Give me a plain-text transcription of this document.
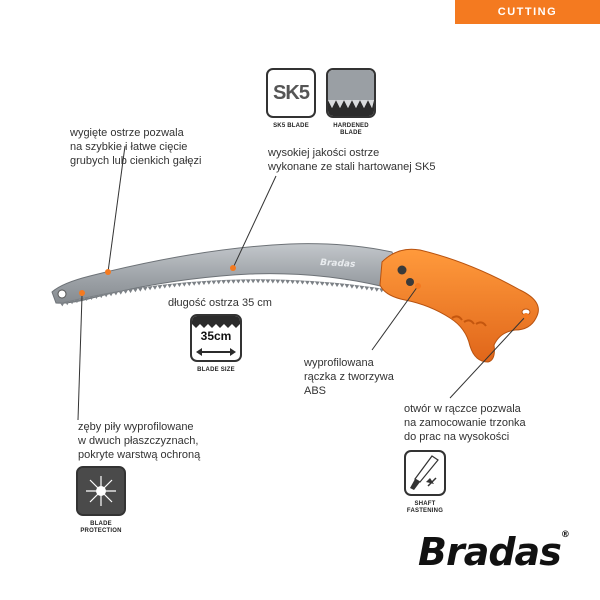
CUTTING
Bradas
SK5
SK5 BLADE	HARDENED
BLADE
wygięte ostrze pozwala
na szybkie i łatwe cięcie
grubych lub cienkich gałęzi
wysokiej jakości ostrze
wykonane ze stali hartowanej SK5
długość ostrza 35 cm
35cm
BLADE SIZE
wyprofilowana
rączka z tworzywa
ABS
otwór w rączce pozwala
na zamocowanie trzonka
do prac na wysokości
zęby piły wyprofilowane
w dwuch płaszczyznach,
pokryte warstwą ochroną
BLADE
PROTECTION
SHAFT
FASTENING
Bradas®
